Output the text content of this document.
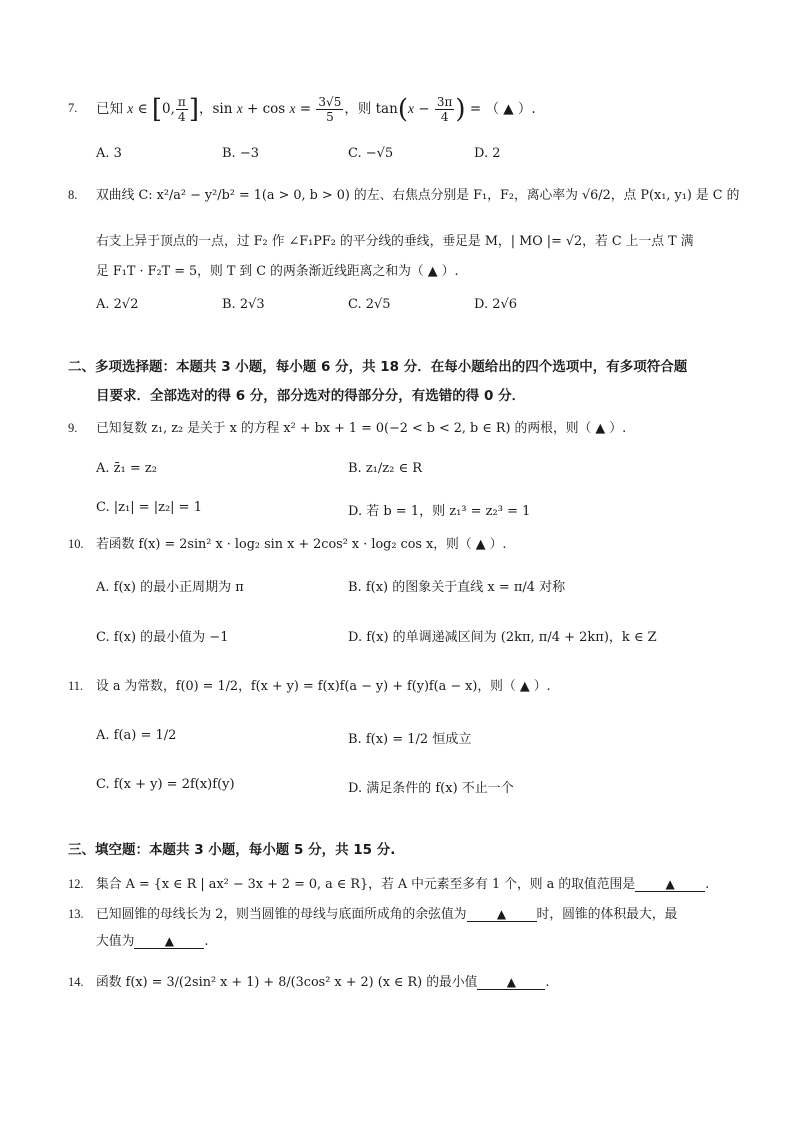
7. 已知 x ∈ [0, $\frac{\pi}{4}$ ]，$\sin x + \cos x = \frac{3√5}{5}$ ，则 $\tan(x - \frac{3\pi}{4}$ ) = （ ▲ ）.
A. 3	B. −3	C. −√5	D. 2
8. 双曲线 C: x²/a² − y²/b² = 1(a > 0, b > 0) 的左、右焦点分别是 F₁，F₂，离心率为 √6/2，点 P(x₁, y₁) 是 C 的
右支上异于顶点的一点，过 F₂ 作 ∠F₁PF₂ 的平分线的垂线，垂足是 M，| MO |= √2，若 C 上一点 T 满
足 F₁T · F₂T = 5，则 T 到 C 的两条渐近线距离之和为（ ▲ ）.
A. 2√2	B. 2√3	C. 2√5	D. 2√6
二、多项选择题：本题共 3 小题，每小题 6 分，共 18 分．在每小题给出的四个选项中，有多项符合题
目要求．全部选对的得 6 分，部分选对的得部分分，有选错的得 0 分．
9. 已知复数 z₁, z₂ 是关于 x 的方程 x² + bx + 1 = 0(−2 < b < 2, b ∈ R) 的两根，则（ ▲ ）.
A. z̄₁ = z₂	B. z₁/z₂ ∈ R
C. |z₁| = |z₂| = 1	D. 若 b = 1，则 z₁³ = z₂³ = 1
10. 若函数 f(x) = 2sin² x · log₂ sin x + 2cos² x · log₂ cos x，则（ ▲ ）.
A. f(x) 的最小正周期为 π	B. f(x) 的图象关于直线 x = π/4 对称
C. f(x) 的最小值为 −1	D. f(x) 的单调递减区间为 (2kπ, π/4 + 2kπ)，k ∈ Z
11. 设 a 为常数，f(0) = 1/2，f(x + y) = f(x)f(a − y) + f(y)f(a − x)，则（ ▲ ）.
A. f(a) = 1/2	B. f(x) = 1/2 恒成立
C. f(x + y) = 2f(x)f(y)	D. 满足条件的 f(x) 不止一个
三、填空题：本题共 3 小题，每小题 5 分，共 15 分.
12. 集合 A = {x ∈ R | ax² − 3x + 2 = 0, a ∈ R}，若 A 中元素至多有 1 个，则 a 的取值范围是	▲ .
13. 已知圆锥的母线长为 2，则当圆锥的母线与底面所成角的余弦值为	▲ 时，圆锥的体积最大，最
大值为	▲ .
14. 函数 f(x) = 3/(2sin² x + 1) + 8/(3cos² x + 2) (x ∈ R) 的最小值 ▲ .
